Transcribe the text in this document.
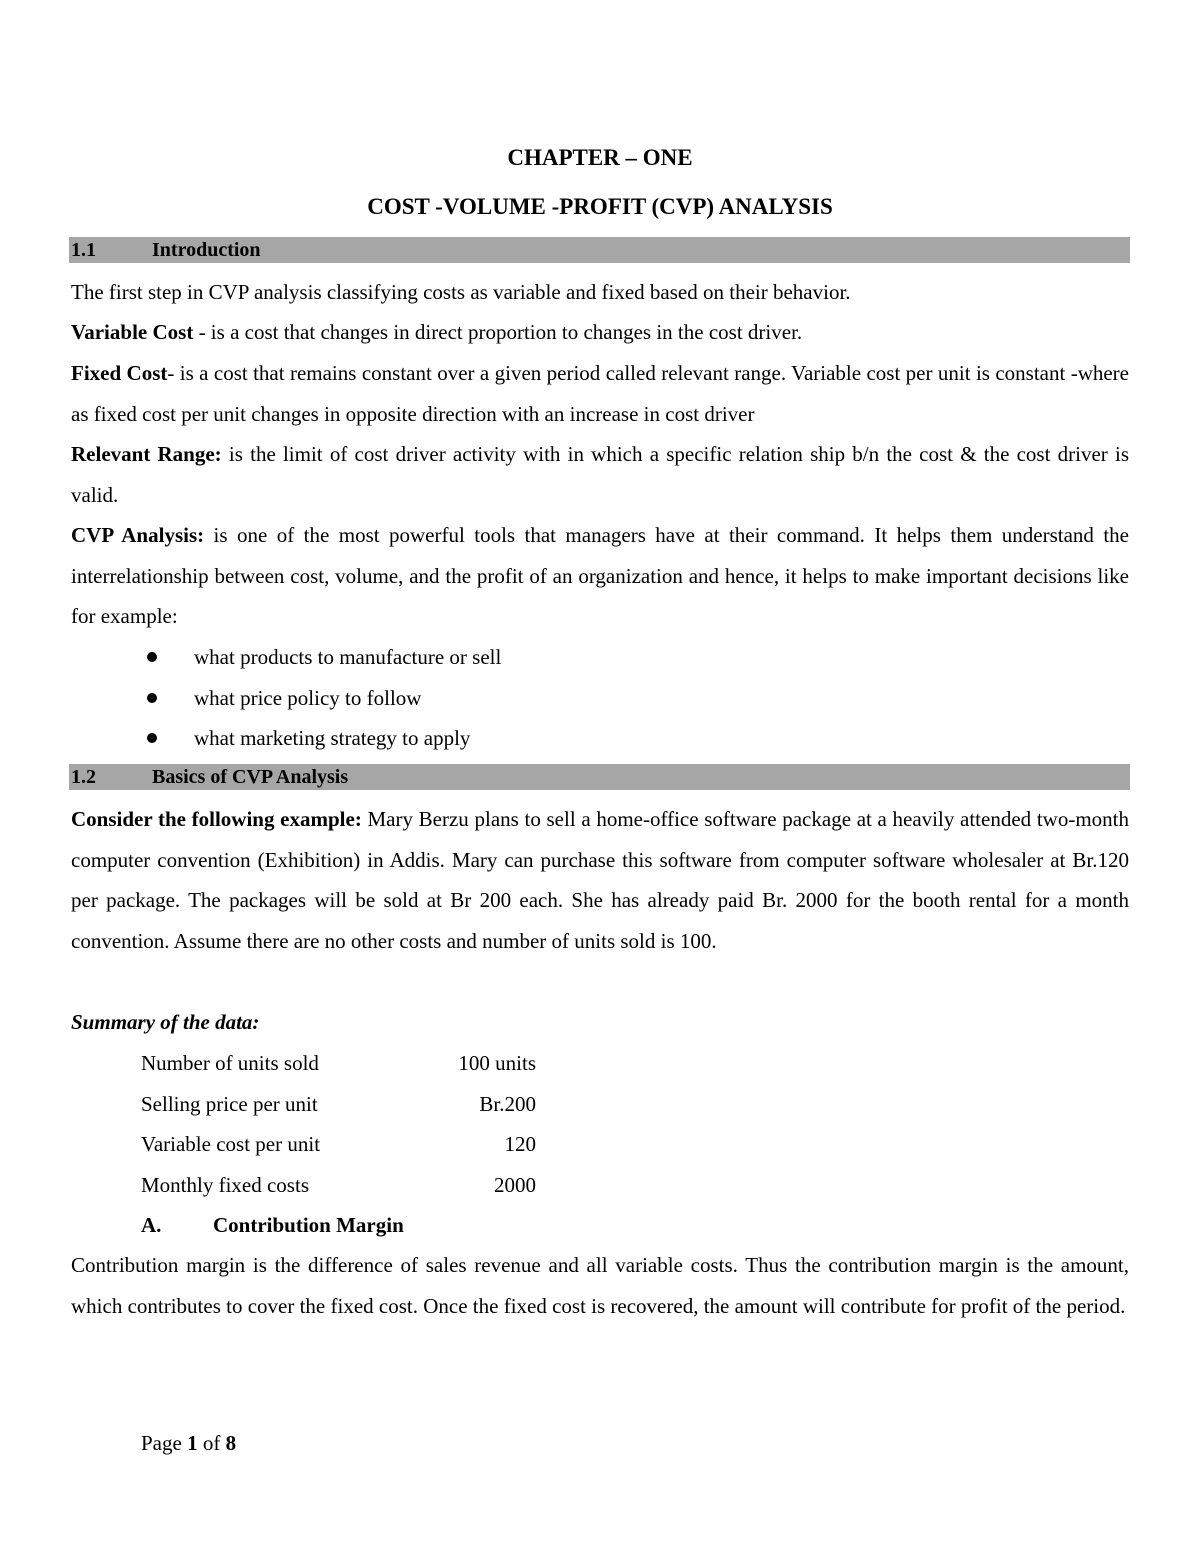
CHAPTER – ONE
COST -VOLUME -PROFIT (CVP) ANALYSIS
1.1	Introduction
The first step in CVP analysis classifying costs as variable and fixed based on their behavior.
Variable Cost - is a cost that changes in direct proportion to changes in the cost driver.
Fixed Cost- is a cost that remains constant over a given period called relevant range. Variable cost per unit is constant -where as fixed cost per unit changes in opposite direction with an increase in cost driver
Relevant Range: is the limit of cost driver activity with in which a specific relation ship b/n the cost & the cost driver is valid.
CVP Analysis: is one of the most powerful tools that managers have at their command. It helps them understand the interrelationship between cost, volume, and the profit of an organization and hence, it helps to make important decisions like for example:
what products to manufacture or sell
what price policy to follow
what marketing strategy to apply
1.2	Basics of CVP Analysis
Consider the following example: Mary Berzu plans to sell a home-office software package at a heavily attended two-month computer convention (Exhibition) in Addis. Mary can purchase this software from computer software wholesaler at Br.120 per package. The packages will be sold at Br 200 each. She has already paid Br. 2000 for the booth rental for a month convention. Assume there are no other costs and number of units sold is 100.
Summary of the data:
Number of units sold	100 units
Selling price per unit	Br.200
Variable cost per unit	120
Monthly fixed costs	2000
A. Contribution Margin
Contribution margin is the difference of sales revenue and all variable costs. Thus the contribution margin is the amount, which contributes to cover the fixed cost. Once the fixed cost is recovered, the amount will contribute for profit of the period.
Page 1 of 8
